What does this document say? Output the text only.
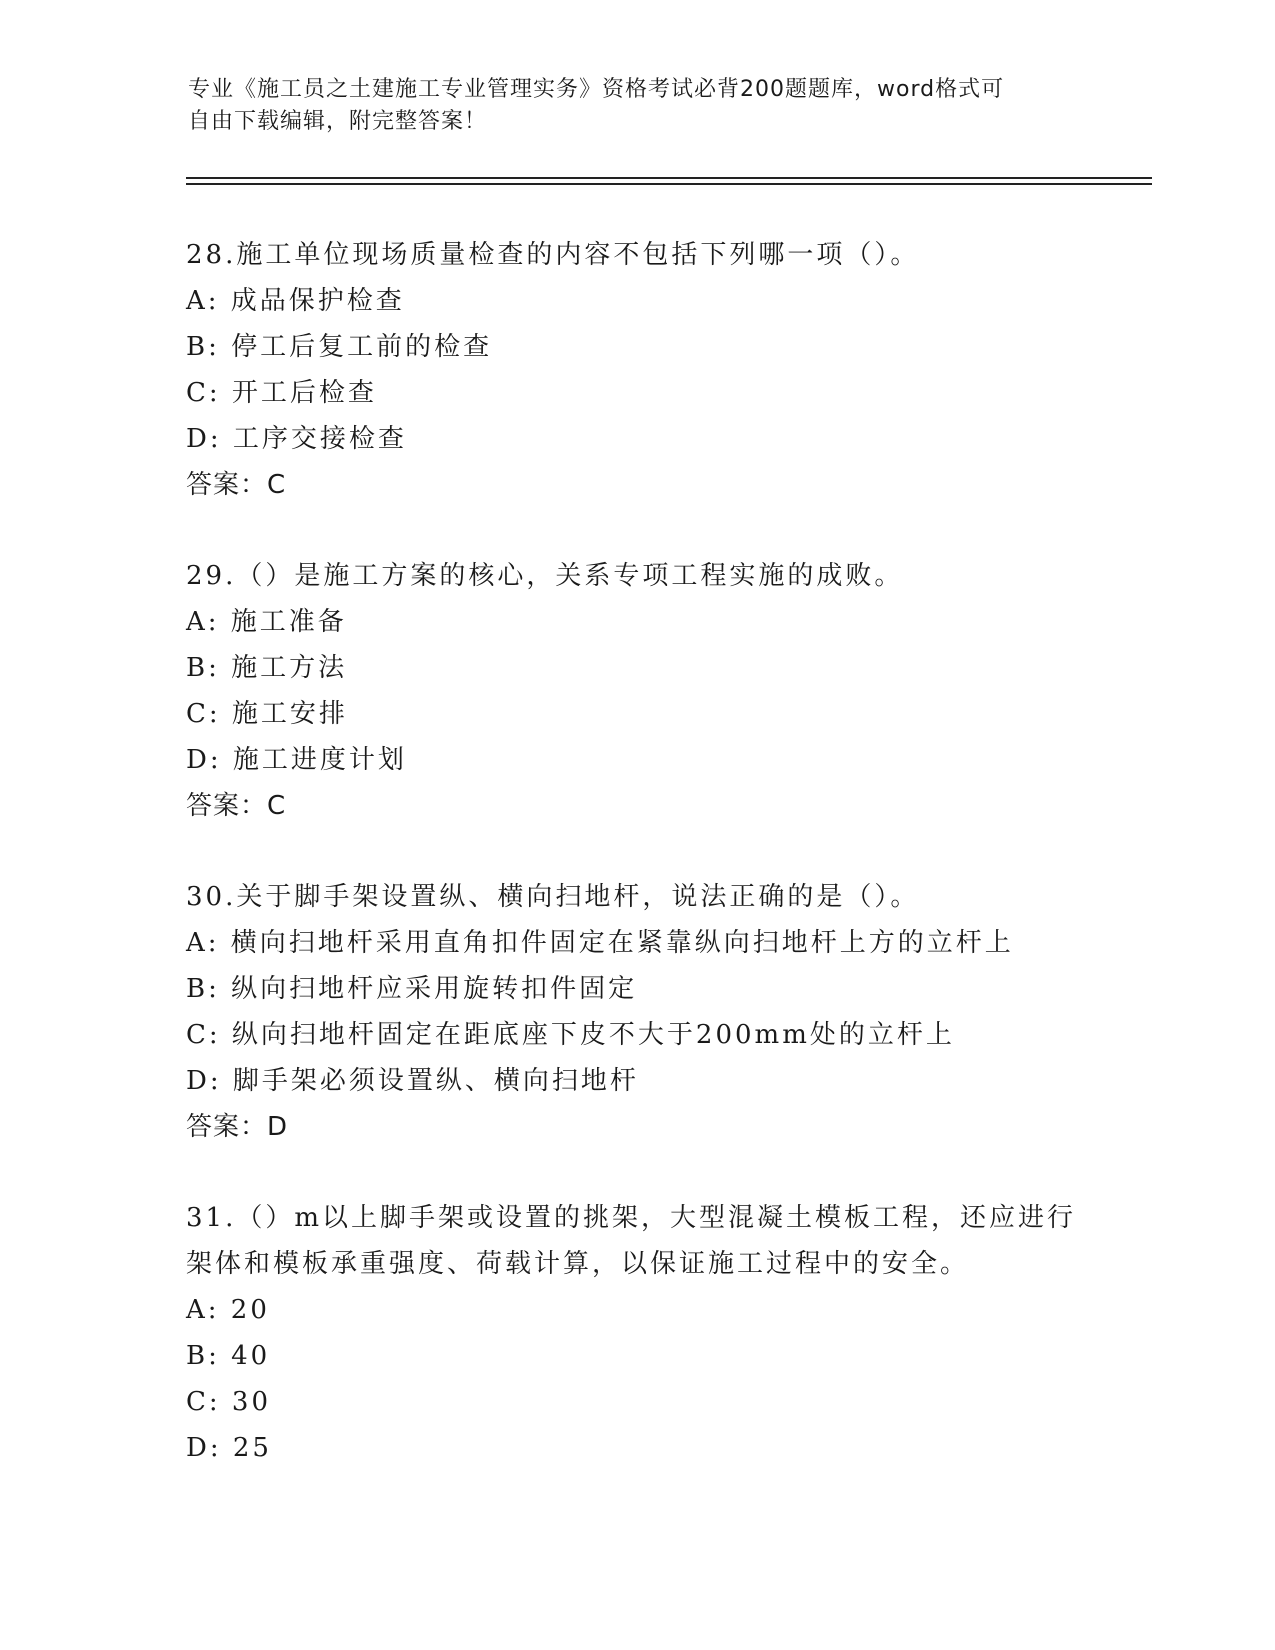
专业《施工员之土建施工专业管理实务》资格考试必背200题题库，word格式可
自由下载编辑，附完整答案！
28.施工单位现场质量检查的内容不包括下列哪一项（）。
A: 成品保护检查
B: 停工后复工前的检查
C: 开工后检查
D: 工序交接检查
答案：C
29.（）是施工方案的核心，关系专项工程实施的成败。
A: 施工准备
B: 施工方法
C: 施工安排
D: 施工进度计划
答案：C
30.关于脚手架设置纵、横向扫地杆，说法正确的是（）。
A: 横向扫地杆采用直角扣件固定在紧靠纵向扫地杆上方的立杆上
B: 纵向扫地杆应采用旋转扣件固定
C: 纵向扫地杆固定在距底座下皮不大于200mm处的立杆上
D: 脚手架必须设置纵、横向扫地杆
答案：D
31.（）m以上脚手架或设置的挑架，大型混凝土模板工程，还应进行
架体和模板承重强度、荷载计算，以保证施工过程中的安全。
A: 20
B: 40
C: 30
D: 25
